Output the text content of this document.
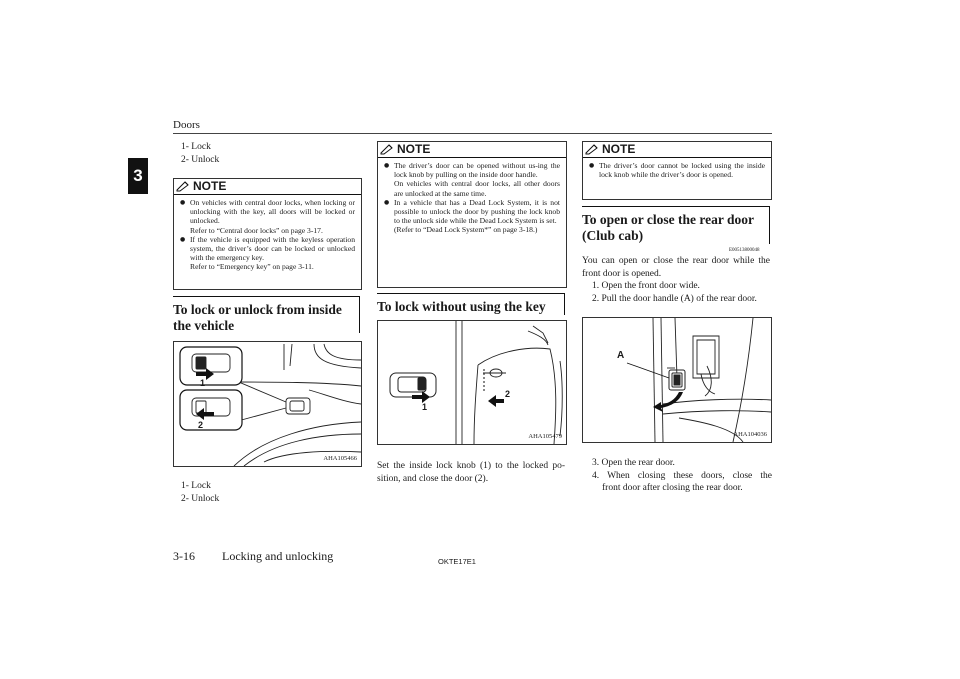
Doors
3
1- Lock
2- Unlock
NOTE
● On vehicles with central door locks, when locking or unlocking with the key, all doors will be locked or unlocked.
Refer to “Central door locks” on page 3-17.
● If the vehicle is equipped with the keyless operation system, the driver’s door can be locked or unlocked with the emergency key.
Refer to “Emergency key” on page 3-11.
To lock or unlock from inside
the vehicle
1
2
AHA105466
1- Lock
2- Unlock
NOTE
● The driver’s door can be opened without us-ing the lock knob by pulling on the inside door handle.
On vehicles with central door locks, all other doors are unlocked at the same time.
● In a vehicle that has a Dead Lock System, it is not possible to unlock the door by pushing the lock knob to the unlock side while the Dead Lock System is set.
(Refer to “Dead Lock System*” on page 3-18.)
To lock without using the key
1
2
AHA105479
Set the inside lock knob (1) to the locked po-sition, and close the door (2).
NOTE
● The driver’s door cannot be locked using the inside lock knob while the driver’s door is opened.
To open or close the rear door
(Club cab)
E00513800048
You can open or close the rear door while the front door is opened.
1. Open the front door wide.
2. Pull the door handle (A) of the rear door.
A
AHA104036
3. Open the rear door.
4. When closing these doors, close the
front door after closing the rear door.
3-16 Locking and unlocking	OKTE17E1
